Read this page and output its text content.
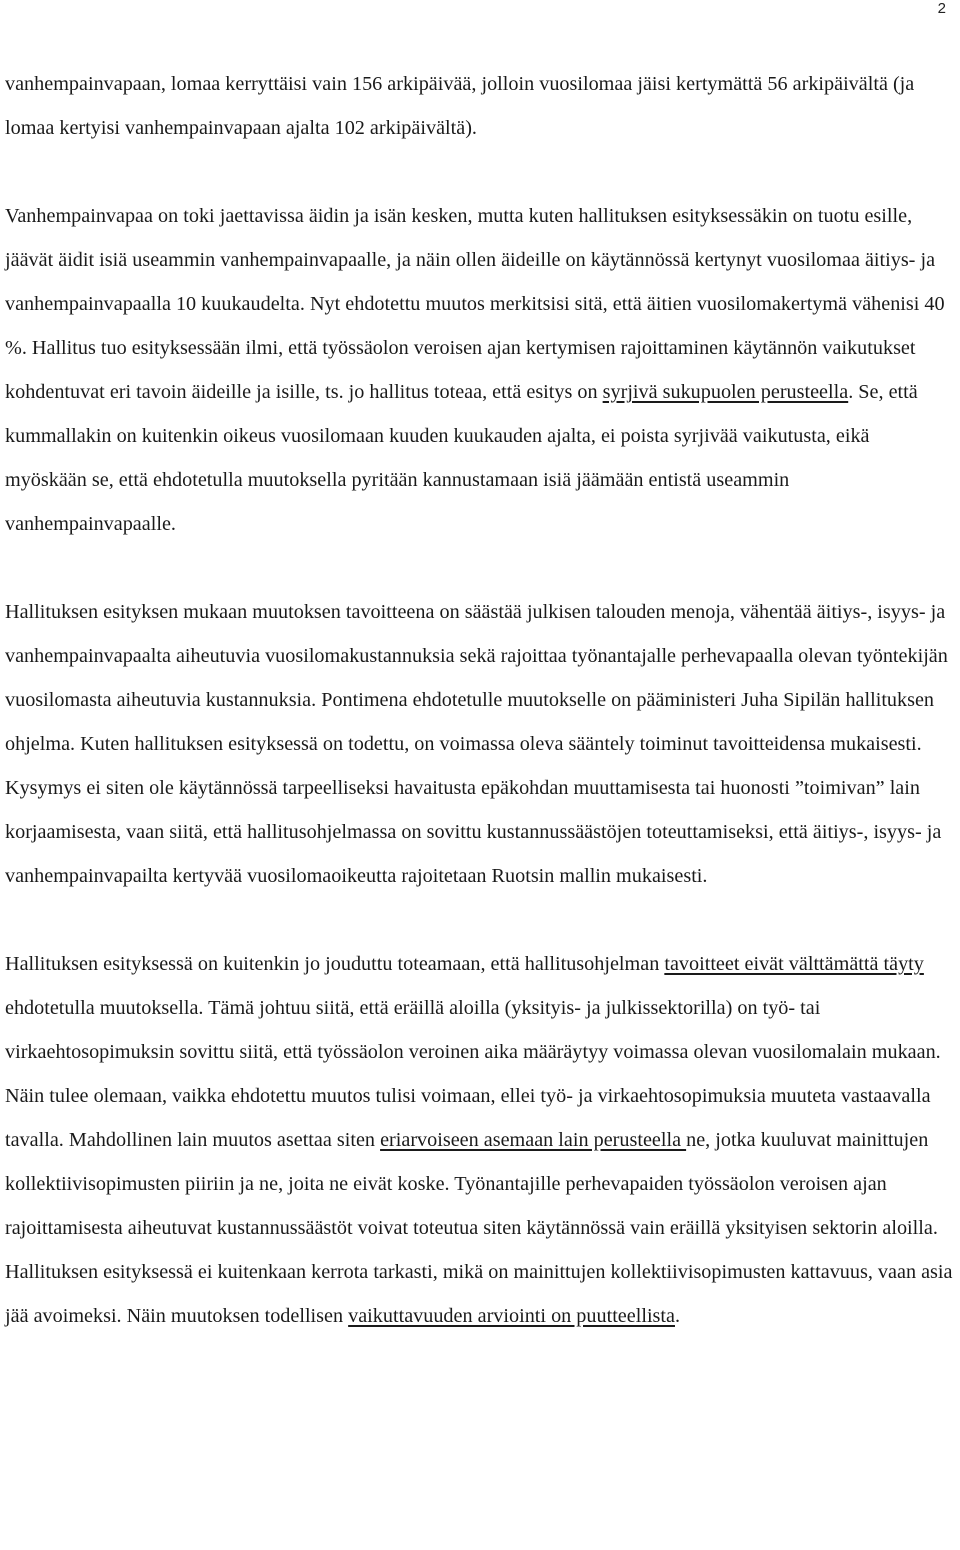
2

vanhempainvapaan, lomaa kerryttäisi vain 156 arkipäivää, jolloin vuosilomaa jäisi kertymättä 56 arkipäivältä (ja lomaa kertyisi vanhempainvapaan ajalta 102 arkipäivältä).

Vanhempainvapaa on toki jaettavissa äidin ja isän kesken, mutta kuten hallituksen esityksessäkin on tuotu esille, jäävät äidit isiä useammin vanhempainvapaalle, ja näin ollen äideille on käytännössä kertynyt vuosilomaa äitiys- ja vanhempainvapaalla 10 kuukaudelta. Nyt ehdotettu muutos merkitsisi sitä, että äitien vuosilomakertymä vähenisi 40 %. Hallitus tuo esityksessään ilmi, että työssäolon veroisen ajan kertymisen rajoittaminen käytännön vaikutukset kohdentuvat eri tavoin äideille ja isille, ts. jo hallitus toteaa, että esitys on syrjivä sukupuolen perusteella. Se, että kummallakin on kuitenkin oikeus vuosilomaan kuuden kuukauden ajalta, ei poista syrjivää vaikutusta, eikä myöskään se, että ehdotetulla muutoksella pyritään kannustamaan isiä jäämään entistä useammin vanhempainvapaalle.

Hallituksen esityksen mukaan muutoksen tavoitteena on säästää julkisen talouden menoja, vähentää äitiys-, isyys- ja vanhempainvapaalta aiheutuvia vuosilomakustannuksia sekä rajoittaa työnantajalle perhevapaalla olevan työntekijän vuosilomasta aiheutuvia kustannuksia. Pontimena ehdotetulle muutokselle on pääministeri Juha Sipilän hallituksen ohjelma. Kuten hallituksen esityksessä on todettu, on voimassa oleva sääntely toiminut tavoitteidensa mukaisesti. Kysymys ei siten ole käytännössä tarpeelliseksi havaitusta epäkohdan muuttamisesta tai huonosti ”toimivan” lain korjaamisesta, vaan siitä, että hallitusohjelmassa on sovittu kustannussäästöjen toteuttamiseksi, että äitiys-, isyys- ja vanhempainvapailta kertyvää vuosilomaoikeutta rajoitetaan Ruotsin mallin mukaisesti.

Hallituksen esityksessä on kuitenkin jo jouduttu toteamaan, että hallitusohjelman tavoitteet eivät välttämättä täyty ehdotetulla muutoksella. Tämä johtuu siitä, että eräillä aloilla (yksityis- ja julkissektorilla) on työ- tai virkaehtosopimuksin sovittu siitä, että työssäolon veroinen aika määräytyy voimassa olevan vuosilomalain mukaan. Näin tulee olemaan, vaikka ehdotettu muutos tulisi voimaan, ellei työ- ja virkaehtosopimuksia muuteta vastaavalla tavalla. Mahdollinen lain muutos asettaa siten eriarvoiseen asemaan lain perusteella ne, jotka kuuluvat mainittujen kollektiivisopimusten piiriin ja ne, joita ne eivät koske. Työnantajille perhevapaiden työssäolon veroisen ajan rajoittamisesta aiheutuvat kustannussäästöt voivat toteutua siten käytännössä vain eräillä yksityisen sektorin aloilla. Hallituksen esityksessä ei kuitenkaan kerrota tarkasti, mikä on mainittujen kollektiivisopimusten kattavuus, vaan asia jää avoimeksi. Näin muutoksen todellisen vaikuttavuuden arviointi on puutteellista.
